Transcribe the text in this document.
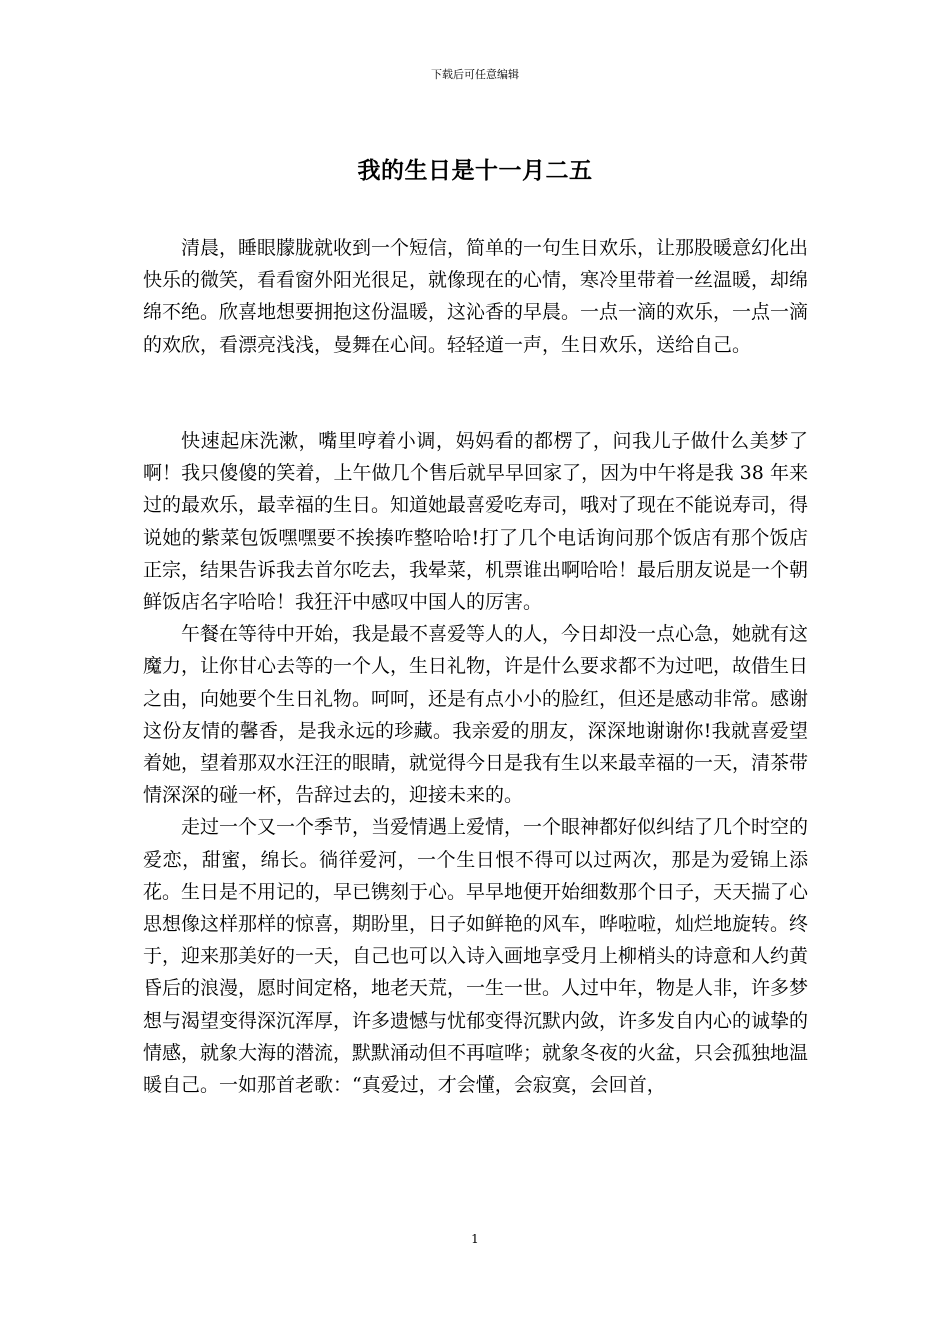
下载后可任意编辑
我的生日是十一月二五

清晨，睡眼朦胧就收到一个短信，简单的一句生日欢乐，让那股暖意幻化出快乐的微笑，看看窗外阳光很足，就像现在的心情，寒冷里带着一丝温暖，却绵绵不绝。欣喜地想要拥抱这份温暖，这沁香的早晨。一点一滴的欢乐，一点一滴的欢欣，看漂亮浅浅，曼舞在心间。轻轻道一声，生日欢乐，送给自己。

快速起床洗漱，嘴里哼着小调，妈妈看的都楞了，问我儿子做什么美梦了啊！我只傻傻的笑着，上午做几个售后就早早回家了，因为中午将是我 38 年来过的最欢乐，最幸福的生日。知道她最喜爱吃寿司，哦对了现在不能说寿司，得说她的紫菜包饭嘿嘿要不挨揍咋整哈哈!打了几个电话询问那个饭店有那个饭店正宗，结果告诉我去首尔吃去，我晕菜，机票谁出啊哈哈！最后朋友说是一个朝鲜饭店名字哈哈！我狂汗中感叹中国人的厉害。

午餐在等待中开始，我是最不喜爱等人的人，今日却没一点心急，她就有这魔力，让你甘心去等的一个人，生日礼物，许是什么要求都不为过吧，故借生日之由，向她要个生日礼物。呵呵，还是有点小小的脸红，但还是感动非常。感谢这份友情的馨香，是我永远的珍藏。我亲爱的朋友，深深地谢谢你!我就喜爱望着她，望着那双水汪汪的眼睛，就觉得今日是我有生以来最幸福的一天，清茶带情深深的碰一杯，告辞过去的，迎接未来的。

走过一个又一个季节，当爱情遇上爱情，一个眼神都好似纠结了几个时空的爱恋，甜蜜，绵长。徜徉爱河，一个生日恨不得可以过两次，那是为爱锦上添花。生日是不用记的，早已镌刻于心。早早地便开始细数那个日子，天天揣了心思想像这样那样的惊喜，期盼里，日子如鲜艳的风车，哗啦啦，灿烂地旋转。终于，迎来那美好的一天，自己也可以入诗入画地享受月上柳梢头的诗意和人约黄昏后的浪漫，愿时间定格，地老天荒，一生一世。人过中年，物是人非，许多梦想与渴望变得深沉浑厚，许多遗憾与忧郁变得沉默内敛，许多发自内心的诚挚的情感，就象大海的潜流，默默涌动但不再喧哗；就象冬夜的火盆，只会孤独地温暖自己。一如那首老歌：“真爱过，才会懂，会寂寞，会回首，

1
